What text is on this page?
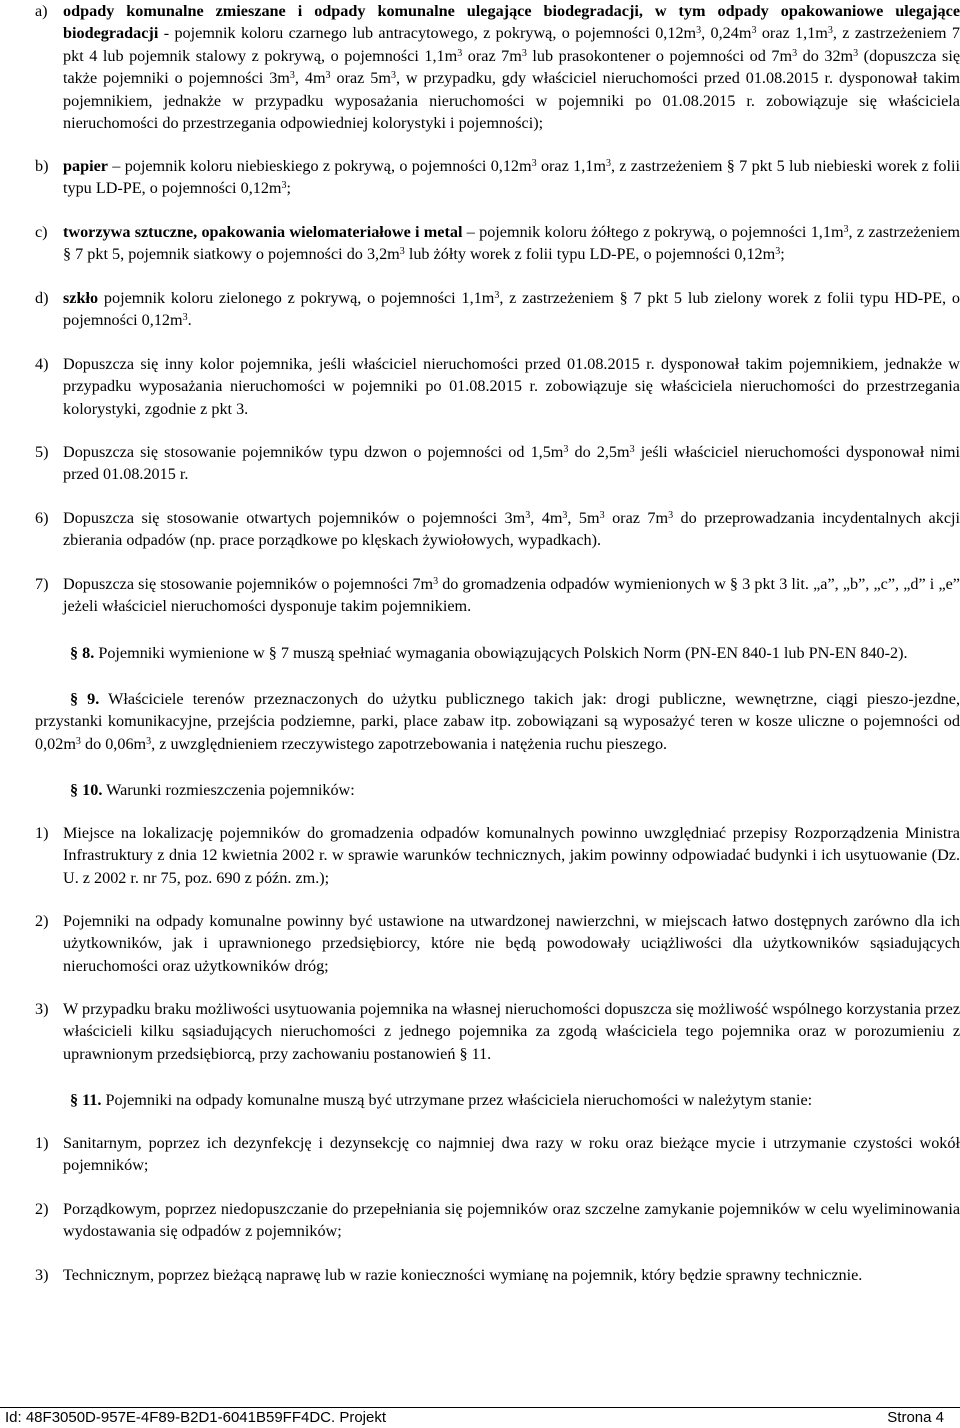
a) odpady komunalne zmieszane i odpady komunalne ulegające biodegradacji, w tym odpady opakowaniowe ulegające biodegradacji - pojemnik koloru czarnego lub antracytowego, z pokrywą, o pojemności $0,12m^3$, $0,24m^3$ oraz $1,1m^3$, z zastrzeżeniem 7 pkt 4 lub pojemnik stalowy z pokrywą, o pojemności $1,1m^3$ oraz $7m^3$ lub prasokontener o pojemności od $7m^3$ do $32m^3$ (dopuszcza się także pojemniki o pojemności $3m^3$, $4m^3$ oraz $5m^3$, w przypadku, gdy właściciel nieruchomości przed 01.08.2015 r. dysponował takim pojemnikiem, jednakże w przypadku wyposażania nieruchomości w pojemniki po 01.08.2015 r. zobowiązuje się właściciela nieruchomości do przestrzegania odpowiedniej kolorystyki i pojemności);
b) papier – pojemnik koloru niebieskiego z pokrywą, o pojemności $0,12m^3$ oraz $1,1m^3$, z zastrzeżeniem § 7 pkt 5 lub niebieski worek z folii typu LD-PE, o pojemności $0,12m^3$;
c) tworzywa sztuczne, opakowania wielomateriałowe i metal – pojemnik koloru żółtego z pokrywą, o pojemności $1,1m^3$, z zastrzeżeniem § 7 pkt 5, pojemnik siatkowy o pojemności do $3,2m^3$ lub żółty worek z folii typu LD-PE, o pojemności $0,12m^3$;
d) szkło pojemnik koloru zielonego z pokrywą, o pojemności $1,1m^3$, z zastrzeżeniem § 7 pkt 5 lub zielony worek z folii typu HD-PE, o pojemności $0,12m^3$.
4) Dopuszcza się inny kolor pojemnika, jeśli właściciel nieruchomości przed 01.08.2015 r. dysponował takim pojemnikiem, jednakże w przypadku wyposażania nieruchomości w pojemniki po 01.08.2015 r. zobowiązuje się właściciela nieruchomości do przestrzegania kolorystyki, zgodnie z pkt 3.
5) Dopuszcza się stosowanie pojemników typu dzwon o pojemności od $1,5m^3$ do $2,5m^3$ jeśli właściciel nieruchomości dysponował nimi przed 01.08.2015 r.
6) Dopuszcza się stosowanie otwartych pojemników o pojemności $3m^3$, $4m^3$, $5m^3$ oraz $7m^3$ do przeprowadzania incydentalnych akcji zbierania odpadów (np. prace porządkowe po klęskach żywiołowych, wypadkach).
7) Dopuszcza się stosowanie pojemników o pojemności $7m^3$ do gromadzenia odpadów wymienionych w § 3 pkt 3 lit. „a”, „b”, „c”, „d” i „e” jeżeli właściciel nieruchomości dysponuje takim pojemnikiem.
§ 8. Pojemniki wymienione w § 7 muszą spełniać wymagania obowiązujących Polskich Norm (PN-EN 840-1 lub PN-EN 840-2).
§ 9. Właściciele terenów przeznaczonych do użytku publicznego takich jak: drogi publiczne, wewnętrzne, ciągi pieszo-jezdne, przystanki komunikacyjne, przejścia podziemne, parki, place zabaw itp. zobowiązani są wyposażyć teren w kosze uliczne o pojemności od $0,02m^3$ do $0,06m^3$, z uwzględnieniem rzeczywistego zapotrzebowania i natężenia ruchu pieszego.
§ 10. Warunki rozmieszczenia pojemników:
1) Miejsce na lokalizację pojemników do gromadzenia odpadów komunalnych powinno uwzględniać przepisy Rozporządzenia Ministra Infrastruktury z dnia 12 kwietnia 2002 r. w sprawie warunków technicznych, jakim powinny odpowiadać budynki i ich usytuowanie (Dz. U. z 2002 r. nr 75, poz. 690 z późn. zm.);
2) Pojemniki na odpady komunalne powinny być ustawione na utwardzonej nawierzchni, w miejscach łatwo dostępnych zarówno dla ich użytkowników, jak i uprawnionego przedsiębiorcy, które nie będą powodowały uciążliwości dla użytkowników sąsiadujących nieruchomości oraz użytkowników dróg;
3) W przypadku braku możliwości usytuowania pojemnika na własnej nieruchomości dopuszcza się możliwość wspólnego korzystania przez właścicieli kilku sąsiadujących nieruchomości z jednego pojemnika za zgodą właściciela tego pojemnika oraz w porozumieniu z uprawnionym przedsiębiorcą, przy zachowaniu postanowień § 11.
§ 11. Pojemniki na odpady komunalne muszą być utrzymane przez właściciela nieruchomości w należytym stanie:
1) Sanitarnym, poprzez ich dezynfekcję i dezynsekcję co najmniej dwa razy w roku oraz bieżące mycie i utrzymanie czystości wokół pojemników;
2) Porządkowym, poprzez niedopuszczanie do przepełniania się pojemników oraz szczelne zamykanie pojemników w celu wyeliminowania wydostawania się odpadów z pojemników;
3) Technicznym, poprzez bieżącą naprawę lub w razie konieczności wymianę na pojemnik, który będzie sprawny technicznie.
Id: 48F3050D-957E-4F89-B2D1-6041B59FF4DC. Projekt	Strona 4
